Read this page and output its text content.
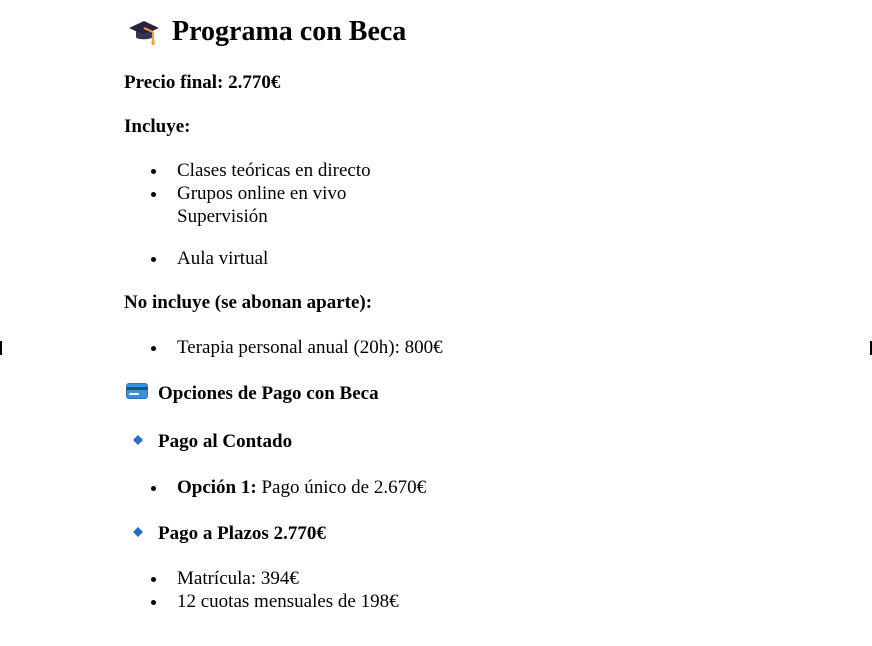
Programa con Beca

Precio final: 2.770€

Incluye:

Clases teóricas en directo
Grupos online en vivo
Supervisión
Aula virtual

No incluye (se abonan aparte):

Terapia personal anual (20h): 800€
Opciones de Pago con Beca
Pago al Contado
Opción 1: Pago único de 2.670€
Pago a Plazos 2.770€
Matrícula: 394€
12 cuotas mensuales de 198€
